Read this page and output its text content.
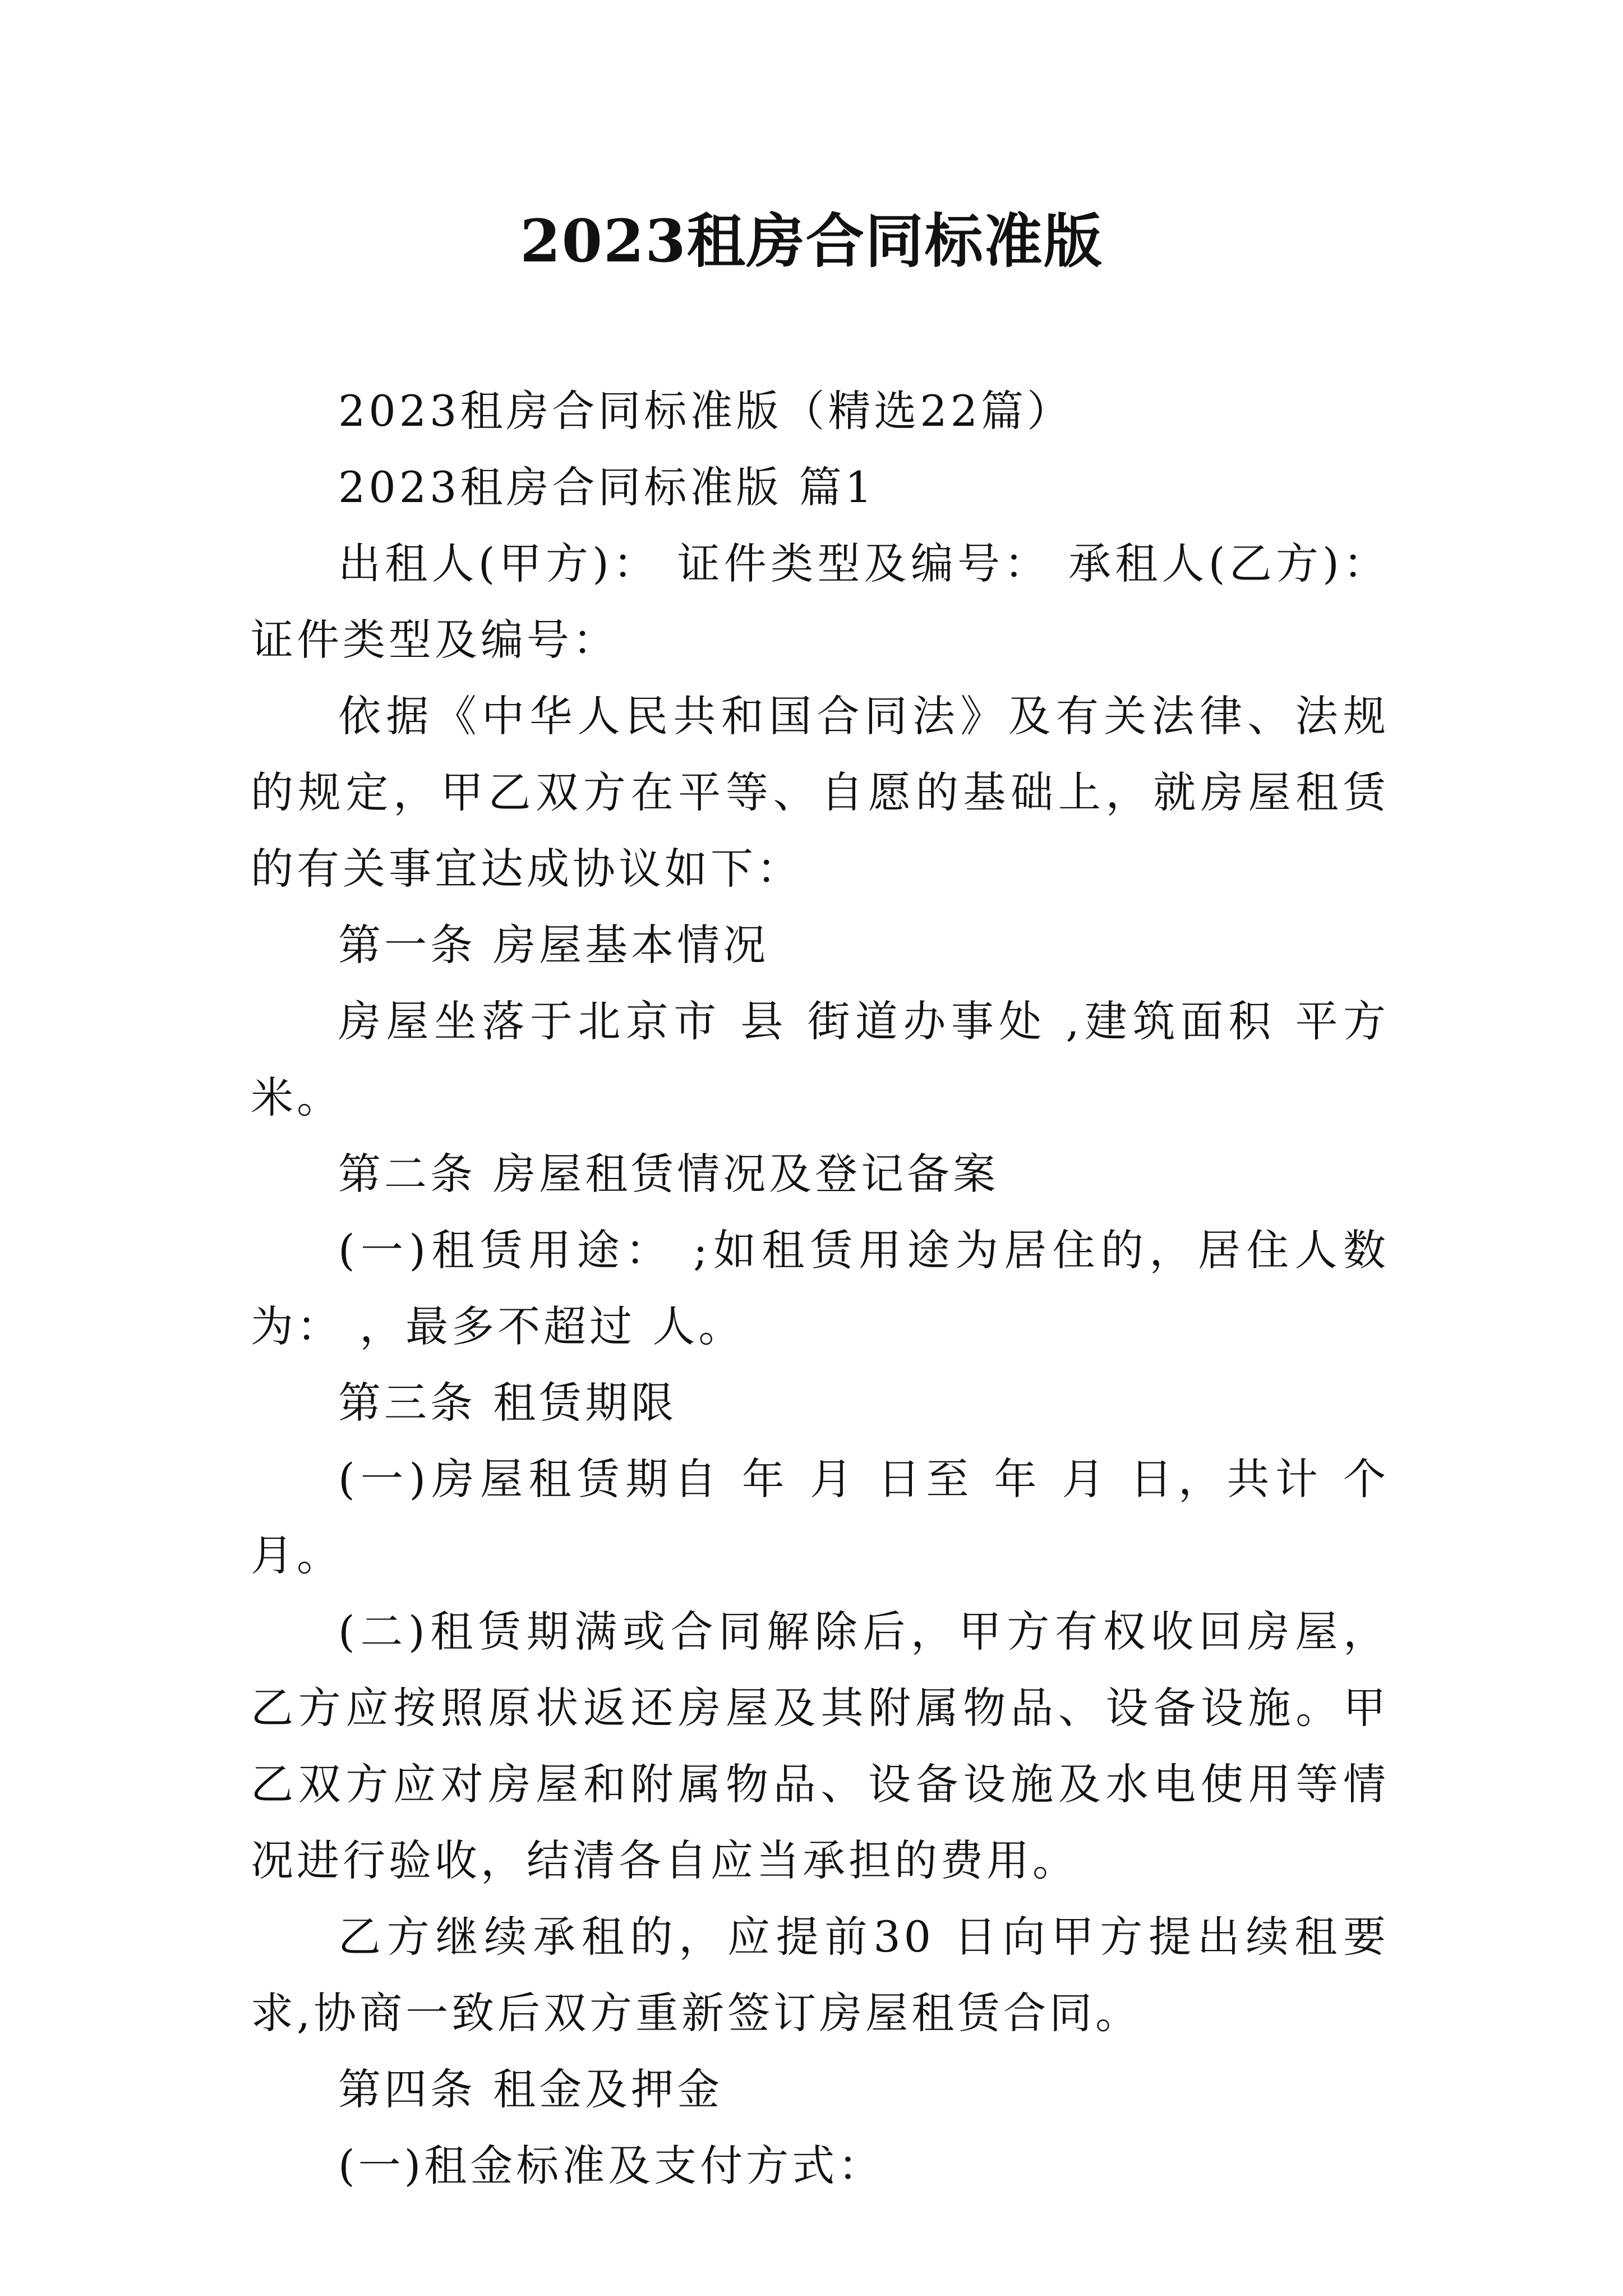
2023租房合同标准版

2023租房合同标准版（精选22篇）

2023租房合同标准版 篇1

出租人(甲方)： 证件类型及编号： 承租人(乙方)： 证件类型及编号：

依据《中华人民共和国合同法》及有关法律、法规的规定，甲乙双方在平等、自愿的基础上，就房屋租赁的有关事宜达成协议如下：

第一条 房屋基本情况

房屋坐落于北京市 县 街道办事处 ,建筑面积 平方米。

第二条 房屋租赁情况及登记备案

(一)租赁用途： ;如租赁用途为居住的，居住人数为： ，最多不超过 人。

第三条 租赁期限

(一)房屋租赁期自 年 月 日至 年 月 日，共计 个月。

(二)租赁期满或合同解除后，甲方有权收回房屋，乙方应按照原状返还房屋及其附属物品、设备设施。甲乙双方应对房屋和附属物品、设备设施及水电使用等情况进行验收，结清各自应当承担的费用。

乙方继续承租的，应提前30 日向甲方提出续租要求,协商一致后双方重新签订房屋租赁合同。

第四条 租金及押金

(一)租金标准及支付方式：
